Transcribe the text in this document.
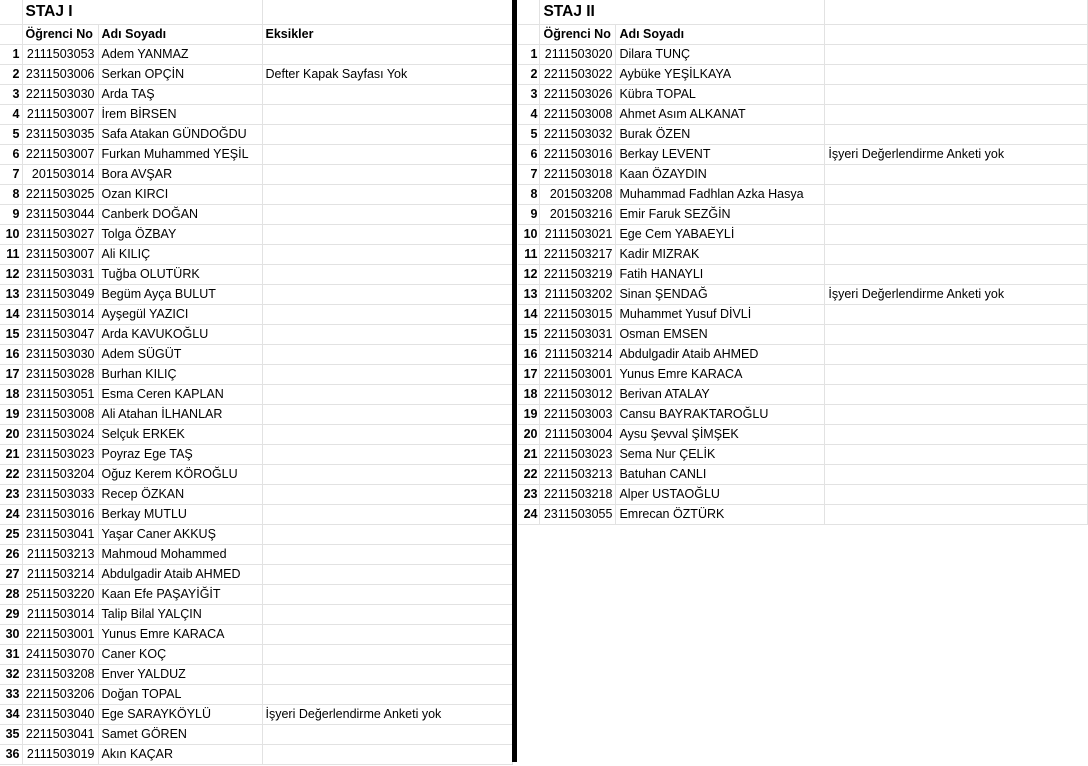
	STAJ I		
	Öğrenci No	Adı Soyadı	Eksikler
1	2111503053	Adem YANMAZ	
2	2311503006	Serkan OPÇİN	Defter Kapak Sayfası Yok
3	2211503030	Arda TAŞ	
4	2111503007	İrem BİRSEN	
5	2311503035	Safa Atakan GÜNDOĞDU	
6	2211503007	Furkan Muhammed YEŞİL	
7	201503014	Bora AVŞAR	
8	2211503025	Ozan KIRCI	
9	2311503044	Canberk DOĞAN	
10	2311503027	Tolga ÖZBAY	
11	2311503007	Ali KILIÇ	
12	2311503031	Tuğba OLUTÜRK	
13	2311503049	Begüm Ayça BULUT	
14	2311503014	Ayşegül YAZICI	
15	2311503047	Arda KAVUKOĞLU	
16	2311503030	Adem SÜGÜT	
17	2311503028	Burhan KILIÇ	
18	2311503051	Esma Ceren KAPLAN	
19	2311503008	Ali Atahan İLHANLAR	
20	2311503024	Selçuk ERKEK	
21	2311503023	Poyraz Ege TAŞ	
22	2311503204	Oğuz Kerem KÖROĞLU	
23	2311503033	Recep ÖZKAN	
24	2311503016	Berkay MUTLU	
25	2311503041	Yaşar Caner AKKUŞ	
26	2111503213	Mahmoud Mohammed	
27	2111503214	Abdulgadir Ataib AHMED	
28	2511503220	Kaan Efe PAŞAYİĞİT	
29	2111503014	Talip Bilal YALÇIN	
30	2211503001	Yunus Emre KARACA	
31	2411503070	Caner KOÇ	
32	2311503208	Enver YALDUZ	
33	2211503206	Doğan TOPAL	
34	2311503040	Ege SARAYKÖYLÜ	İşyeri Değerlendirme Anketi yok
35	2211503041	Samet GÖREN	
36	2111503019	Akın KAÇAR	
	STAJ II		
	Öğrenci No	Adı Soyadı	
1	2111503020	Dilara TUNÇ	
2	2211503022	Aybüke YEŞİLKAYA	
3	2211503026	Kübra TOPAL	
4	2211503008	Ahmet Asım ALKANAT	
5	2211503032	Burak ÖZEN	
6	2211503016	Berkay LEVENT	İşyeri Değerlendirme Anketi yok
7	2211503018	Kaan ÖZAYDIN	
8	201503208	Muhammad Fadhlan Azka Hasya	
9	201503216	Emir Faruk SEZĞİN	
10	2111503021	Ege Cem YABAEYLİ	
11	2211503217	Kadir MIZRAK	
12	2211503219	Fatih HANAYLI	
13	2111503202	Sinan ŞENDAĞ	İşyeri Değerlendirme Anketi yok
14	2211503015	Muhammet Yusuf DİVLİ	
15	2211503031	Osman EMSEN	
16	2111503214	Abdulgadir Ataib AHMED	
17	2211503001	Yunus Emre KARACA	
18	2211503012	Berivan ATALAY	
19	2211503003	Cansu BAYRAKTAROĞLU	
20	2111503004	Aysu Şevval ŞİMŞEK	
21	2211503023	Sema Nur ÇELİK	
22	2211503213	Batuhan CANLI	
23	2211503218	Alper USTAOĞLU	
24	2311503055	Emrecan ÖZTÜRK	
